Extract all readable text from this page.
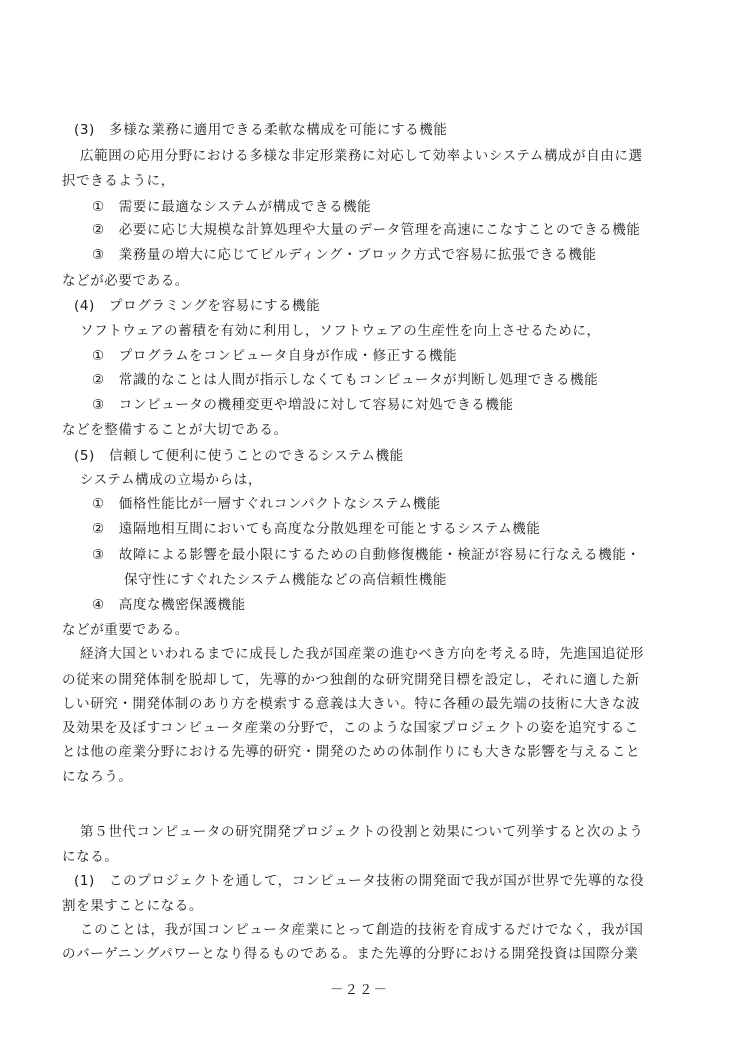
(3)　多様な業務に適用できる柔軟な構成を可能にする機能
広範囲の応用分野における多様な非定形業務に対応して効率よいシステム構成が自由に選
択できるように，
①　需要に最適なシステムが構成できる機能
②　必要に応じ大規模な計算処理や大量のデータ管理を高速にこなすことのできる機能
③　業務量の増大に応じてビルディング・ブロック方式で容易に拡張できる機能
などが必要である。
(4)　プログラミングを容易にする機能
ソフトウェアの蓄積を有効に利用し，ソフトウェアの生産性を向上させるために，
①　プログラムをコンピュータ自身が作成・修正する機能
②　常識的なことは人間が指示しなくてもコンピュータが判断し処理できる機能
③　コンピュータの機種変更や増設に対して容易に対処できる機能
などを整備することが大切である。
(5)　信頼して便利に使うことのできるシステム機能
システム構成の立場からは，
①　価格性能比が一層すぐれコンパクトなシステム機能
②　遠隔地相互間においても高度な分散処理を可能とするシステム機能
③　故障による影響を最小限にするための自動修復機能・検証が容易に行なえる機能・
保守性にすぐれたシステム機能などの高信頼性機能
④　高度な機密保護機能
などが重要である。
経済大国といわれるまでに成長した我が国産業の進むべき方向を考える時，先進国追従形
の従来の開発体制を脱却して，先導的かつ独創的な研究開発目標を設定し，それに適した新
しい研究・開発体制のあり方を模索する意義は大きい。特に各種の最先端の技術に大きな波
及効果を及ぼすコンピュータ産業の分野で，このような国家プロジェクトの姿を追究するこ
とは他の産業分野における先導的研究・開発のための体制作りにも大きな影響を与えること
になろう。
第５世代コンピュータの研究開発プロジェクトの役割と効果について列挙すると次のよう
になる。
(1)　このプロジェクトを通して，コンピュータ技術の開発面で我が国が世界で先導的な役
割を果すことになる。
このことは，我が国コンピュータ産業にとって創造的技術を育成するだけでなく，我が国
のバーゲニングパワーとなり得るものである。また先導的分野における開発投資は国際分業
－２２－
